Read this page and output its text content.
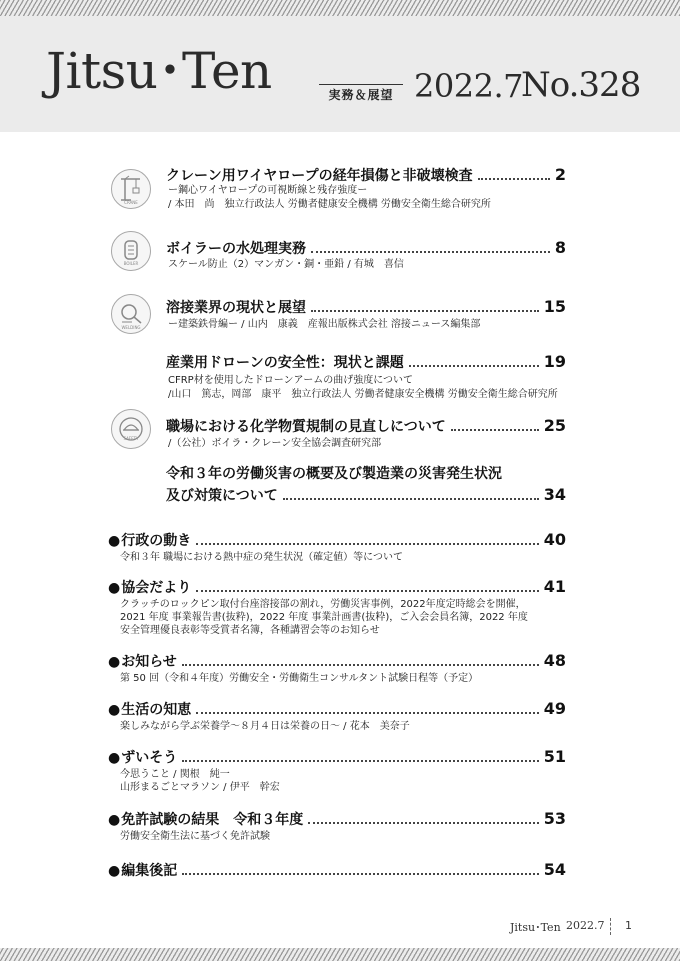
Jitsu･Ten	実務＆展望 2022.7
No.328
CRANE
クレーン用ワイヤロープの経年損傷と非破壊検査	2
ー鋼心ワイヤロープの可視断線と残存強度ー
/ 本田　尚　独立行政法人 労働者健康安全機構 労働安全衛生総合研究所
BOILER
ボイラーの水処理実務	8
スケール防止（2）マンガン・銅・亜鉛 / 有城　喜信
WELDING
溶接業界の現状と展望	15
ー建築鉄骨編ー / 山内　康義　産報出版株式会社 溶接ニュース編集部
産業用ドローンの安全性：現状と課題	19
CFRP材を使用したドローンアームの曲げ強度について
/山口　篤志，岡部　康平　独立行政法人 労働者健康安全機構 労働安全衛生総合研究所
SAFETY
職場における化学物質規制の見直しについて	25
/（公社）ボイラ・クレーン安全協会調査研究部
令和３年の労働災害の概要及び製造業の災害発生状況
及び対策について	34
●行政の動き	40
令和３年 職場における熱中症の発生状況（確定値）等について
●協会だより	41
クラッチのロックピン取付台座溶接部の割れ，労働災害事例，2022年度定時総会を開催，
2021 年度 事業報告書(抜粋)，2022 年度 事業計画書(抜粋)，ご入会会員名簿，2022 年度
安全管理優良表彰等受賞者名簿，各種講習会等のお知らせ
●お知らせ	48
第 50 回（令和４年度）労働安全・労働衛生コンサルタント試験日程等（予定）
●生活の知恵	49
楽しみながら学ぶ栄養学～８月４日は栄養の日～ / 花本　美奈子
●ずいそう	51
今思うこと / 関根　純一
山形まるごとマラソン / 伊平　幹宏
●免許試験の結果　令和３年度	53
労働安全衛生法に基づく免許試験
●編集後記	54
Jitsu･Ten 2022.7 1
